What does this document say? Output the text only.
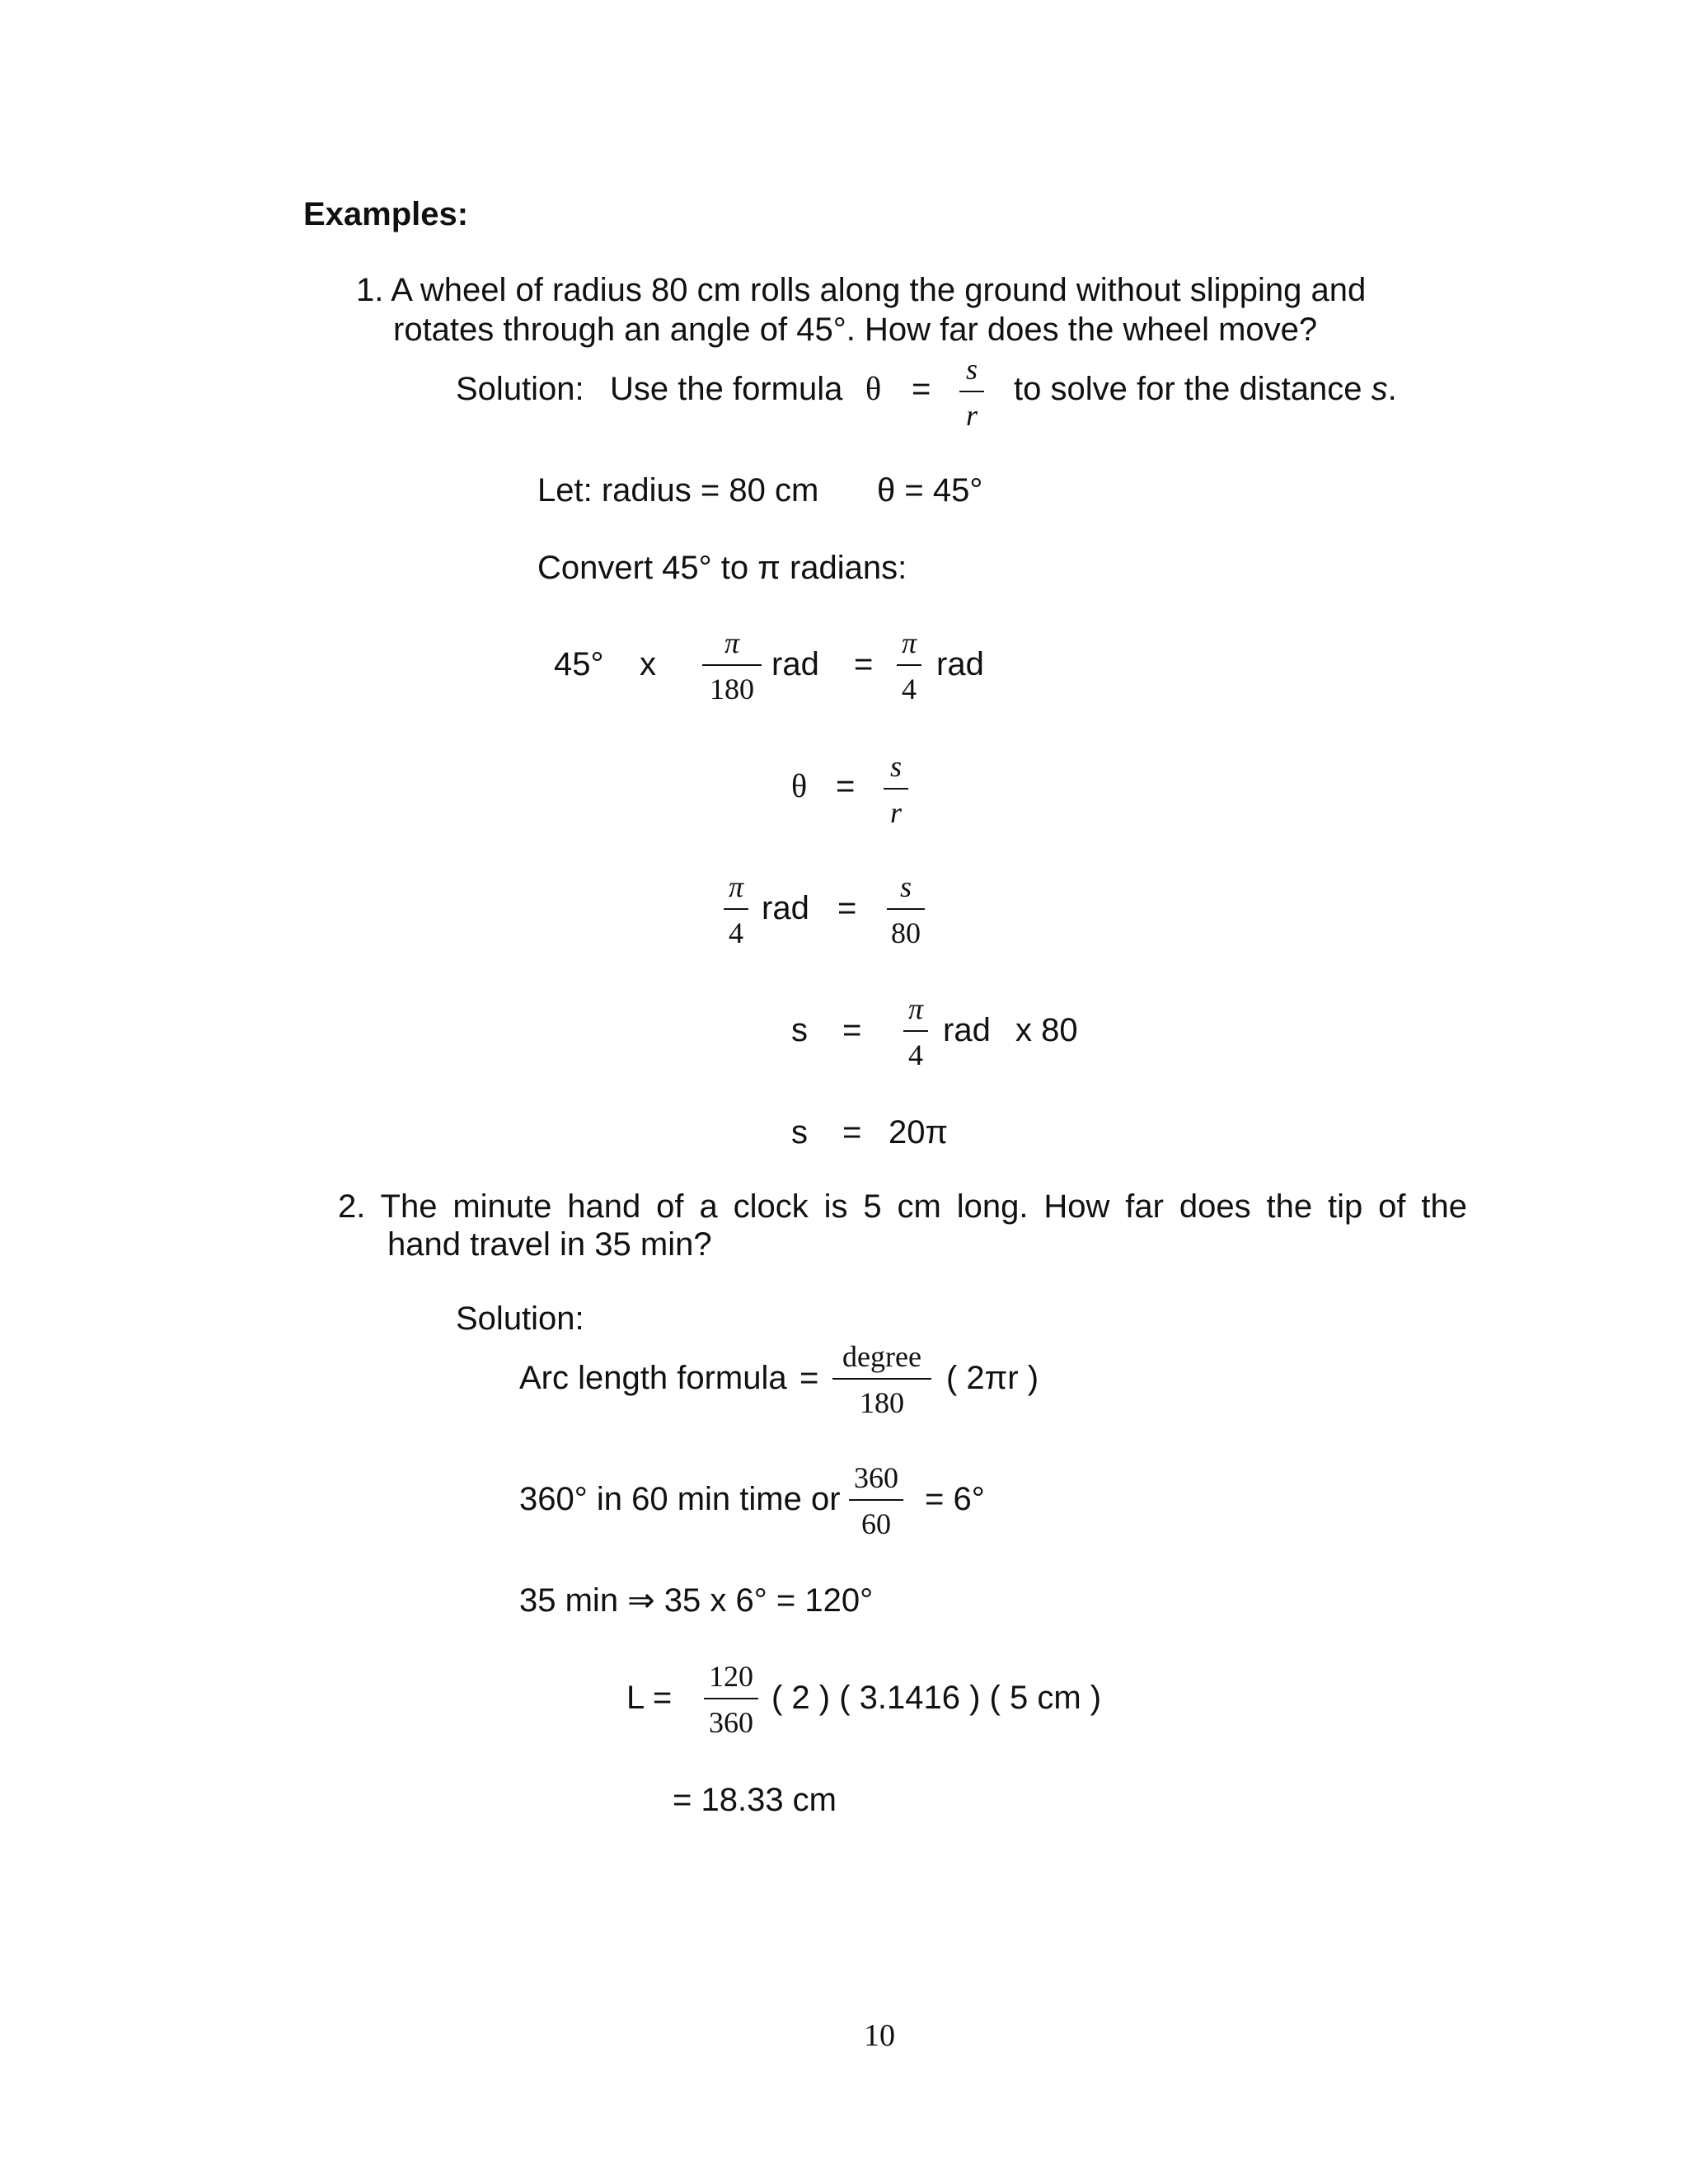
Examples:
1. A wheel of radius 80 cm rolls along the ground without slipping and
rotates through an angle of 45°. How far does the wheel move?
Solution: Use the formula θ =
s
r
to solve for the distance s.
Let: radius = 80 cm θ = 45°
Convert 45° to π radians:
45° x
π
180
rad =
π
4
rad
θ =
s
r
π
4
rad =
s
80
s =
π
4
rad x 80
s = 20π
2. The minute hand of a clock is 5 cm long. How far does the tip of the
hand travel in 35 min?
Solution:
Arc length formula =
degree
180
( 2πr )
360° in 60 min time or
360
60
= 6°
35 min ⇒ 35 x 6° = 120°
L =
120
360
( 2 ) ( 3.1416 ) ( 5 cm )
= 18.33 cm
10
